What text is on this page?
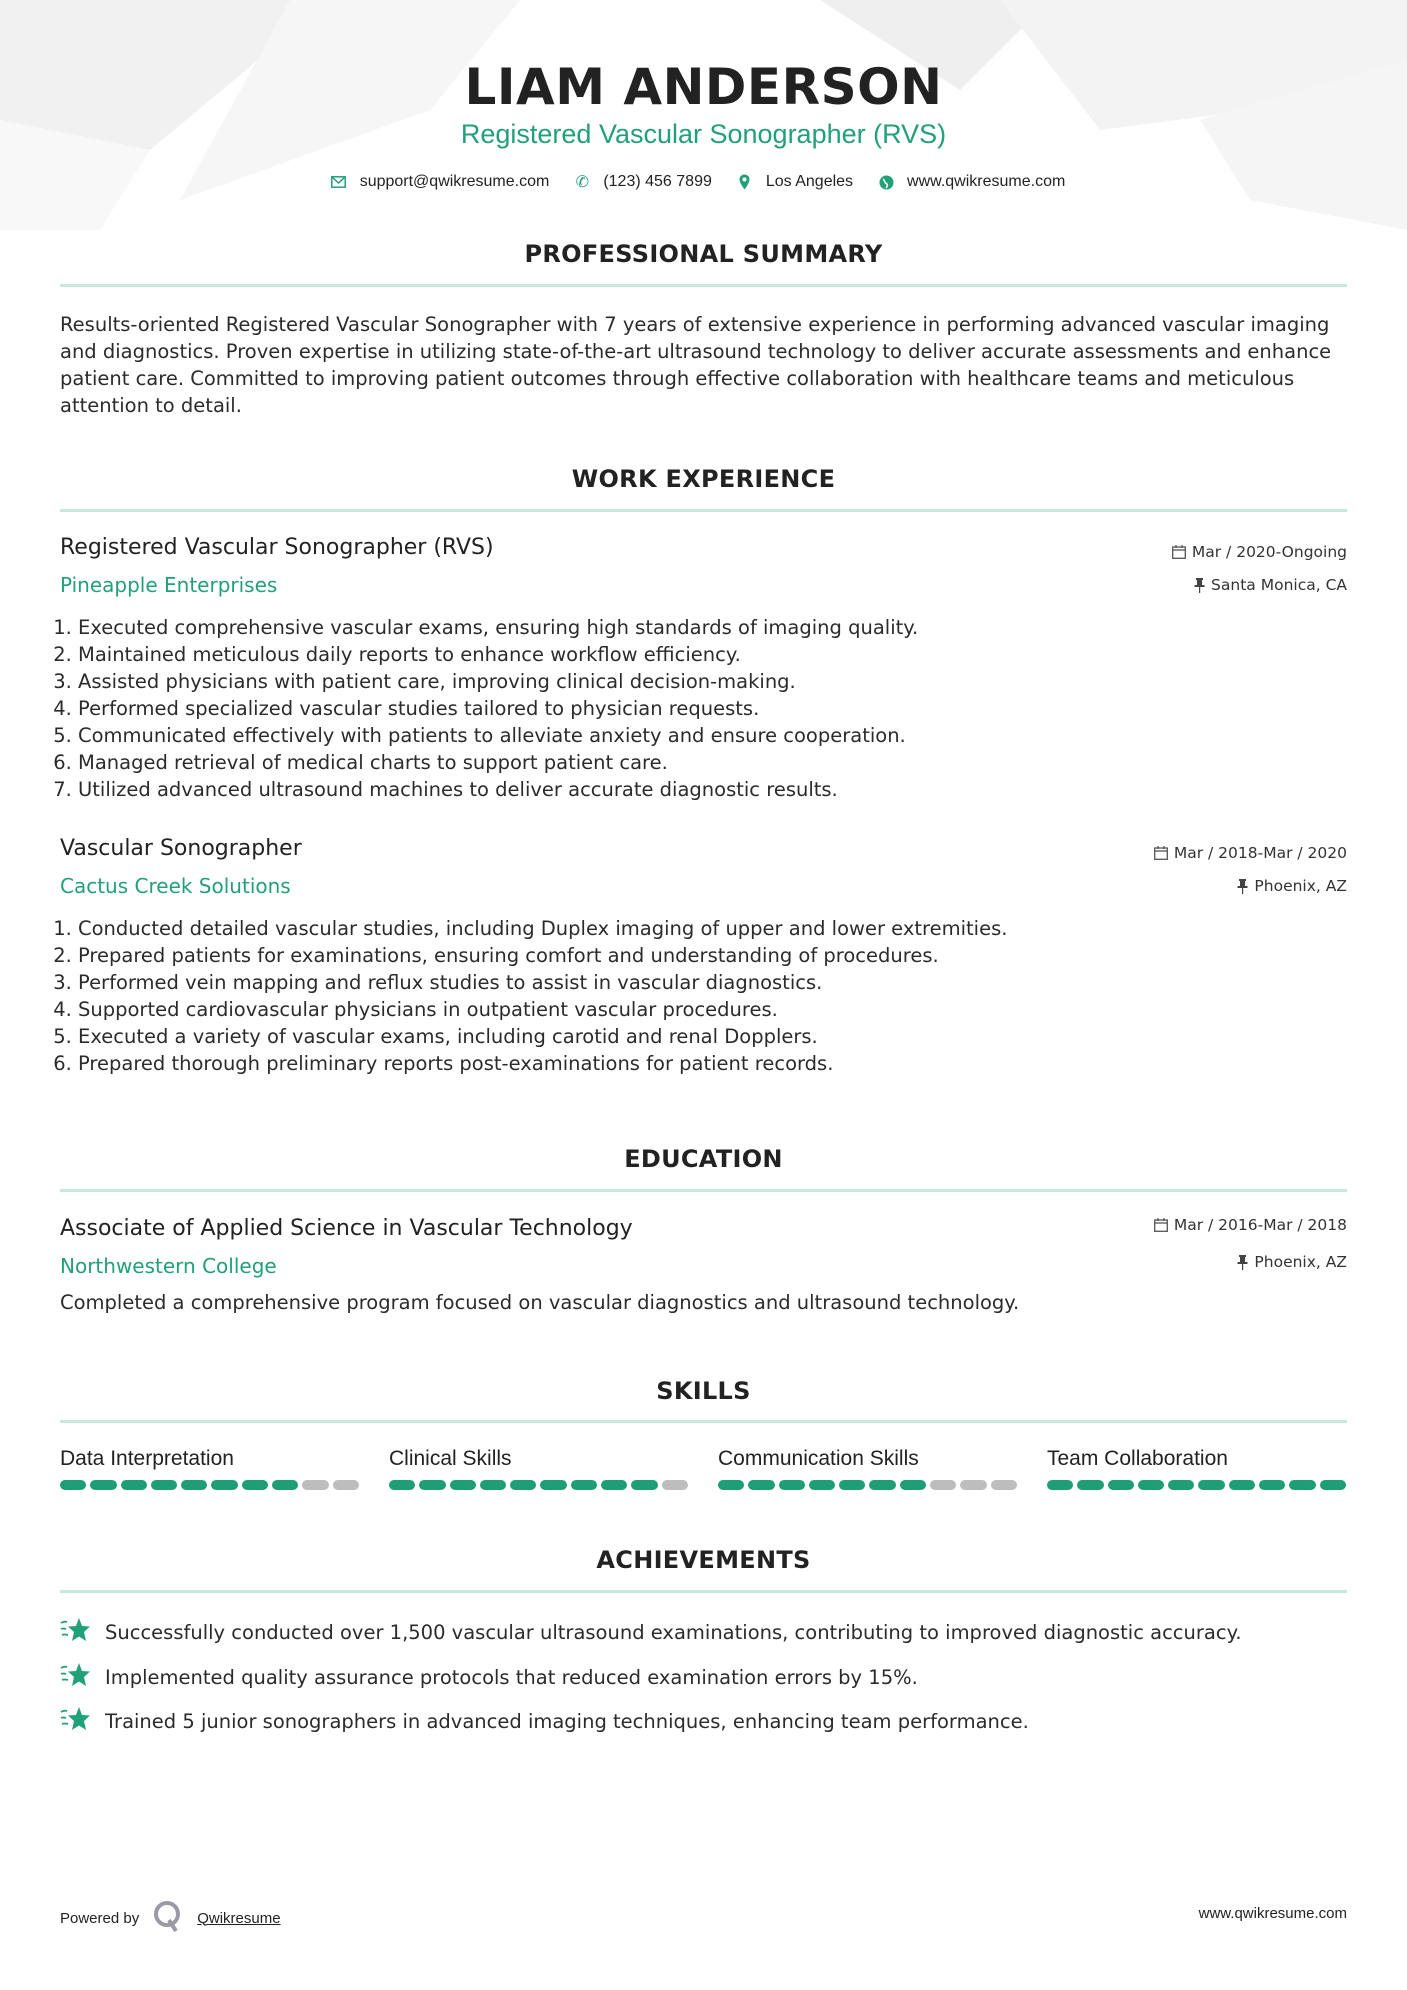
LIAM ANDERSON
Registered Vascular Sonographer (RVS)
support@qwikresume.com ✆ (123) 456 7899	Los Angeles	www.qwikresume.com
PROFESSIONAL SUMMARY
Results-oriented Registered Vascular Sonographer with 7 years of extensive experience in performing advanced vascular imaging and diagnostics. Proven expertise in utilizing state-of-the-art ultrasound technology to deliver accurate assessments and enhance patient care. Committed to improving patient outcomes through effective collaboration with healthcare teams and meticulous attention to detail.
WORK EXPERIENCE
Registered Vascular Sonographer (RVS)
Pineapple Enterprises
Mar / 2020-Ongoing
Santa Monica, CA
1. Executed comprehensive vascular exams, ensuring high standards of imaging quality.
2. Maintained meticulous daily reports to enhance workflow efficiency.
3. Assisted physicians with patient care, improving clinical decision-making.
4. Performed specialized vascular studies tailored to physician requests.
5. Communicated effectively with patients to alleviate anxiety and ensure cooperation.
6. Managed retrieval of medical charts to support patient care.
7. Utilized advanced ultrasound machines to deliver accurate diagnostic results.
Vascular Sonographer
Cactus Creek Solutions
Mar / 2018-Mar / 2020
Phoenix, AZ
1. Conducted detailed vascular studies, including Duplex imaging of upper and lower extremities.
2. Prepared patients for examinations, ensuring comfort and understanding of procedures.
3. Performed vein mapping and reflux studies to assist in vascular diagnostics.
4. Supported cardiovascular physicians in outpatient vascular procedures.
5. Executed a variety of vascular exams, including carotid and renal Dopplers.
6. Prepared thorough preliminary reports post-examinations for patient records.
EDUCATION
Associate of Applied Science in Vascular Technology
Northwestern College
Mar / 2016-Mar / 2018
Phoenix, AZ
Completed a comprehensive program focused on vascular diagnostics and ultrasound technology.
SKILLS
Data Interpretation	Clinical Skills	Communication Skills	Team Collaboration
ACHIEVEMENTS
Successfully conducted over 1,500 vascular ultrasound examinations, contributing to improved diagnostic accuracy.
Implemented quality assurance protocols that reduced examination errors by 15%.
Trained 5 junior sonographers in advanced imaging techniques, enhancing team performance.
Powered by	Qwikresume	www.qwikresume.com
